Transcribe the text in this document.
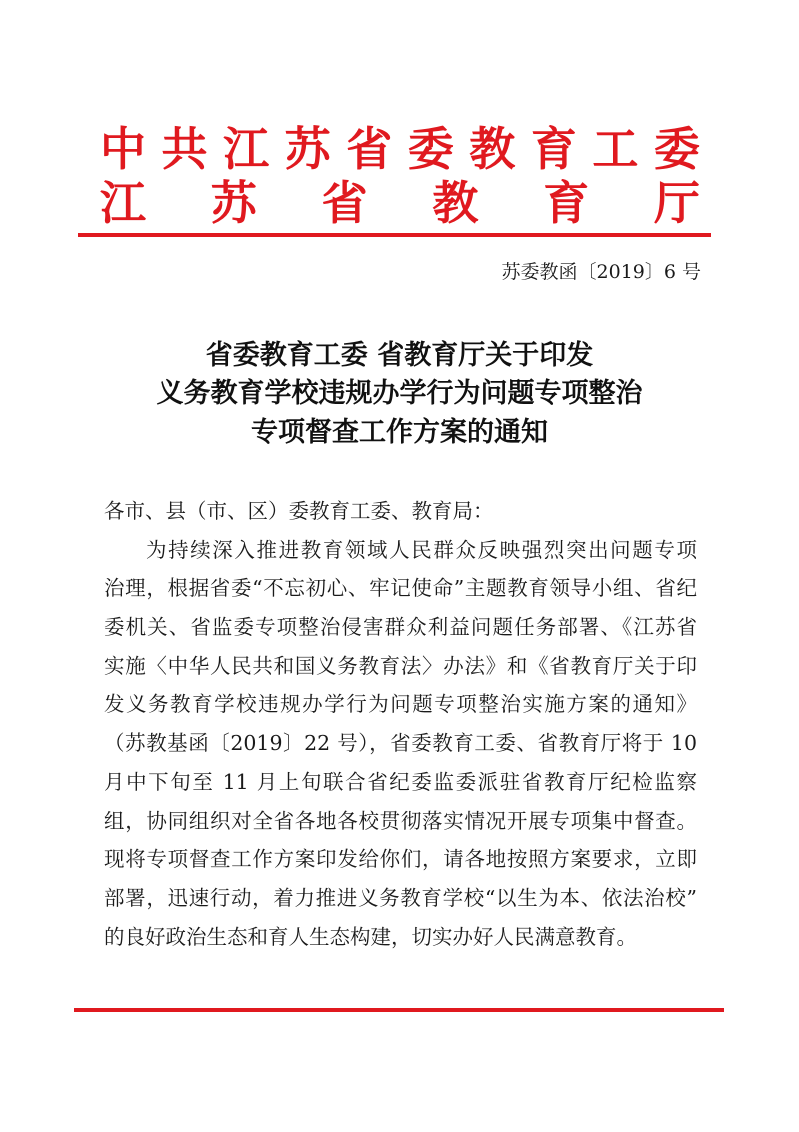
中 共 江 苏 省 委 教 育 工 委
江 苏 省 教 育 厅
苏委教函〔2019〕6 号
省委教育工委 省教育厅关于印发
义务教育学校违规办学行为问题专项整治
专项督查工作方案的通知
各市、县（市、区）委教育工委、教育局：
为持续深入推进教育领域人民群众反映强烈突出问题专项
治理，根据省委“不忘初心、牢记使命”主题教育领导小组、省纪
委机关、省监委专项整治侵害群众利益问题任务部署、《江苏省
实施〈中华人民共和国义务教育法〉办法》和《省教育厅关于印
发义务教育学校违规办学行为问题专项整治实施方案的通知》
（苏教基函〔2019〕22 号），省委教育工委、省教育厅将于 10
月中下旬至 11 月上旬联合省纪委监委派驻省教育厅纪检监察
组，协同组织对全省各地各校贯彻落实情况开展专项集中督查。
现将专项督查工作方案印发给你们，请各地按照方案要求，立即
部署，迅速行动，着力推进义务教育学校“以生为本、依法治校”
的良好政治生态和育人生态构建，切实办好人民满意教育。
